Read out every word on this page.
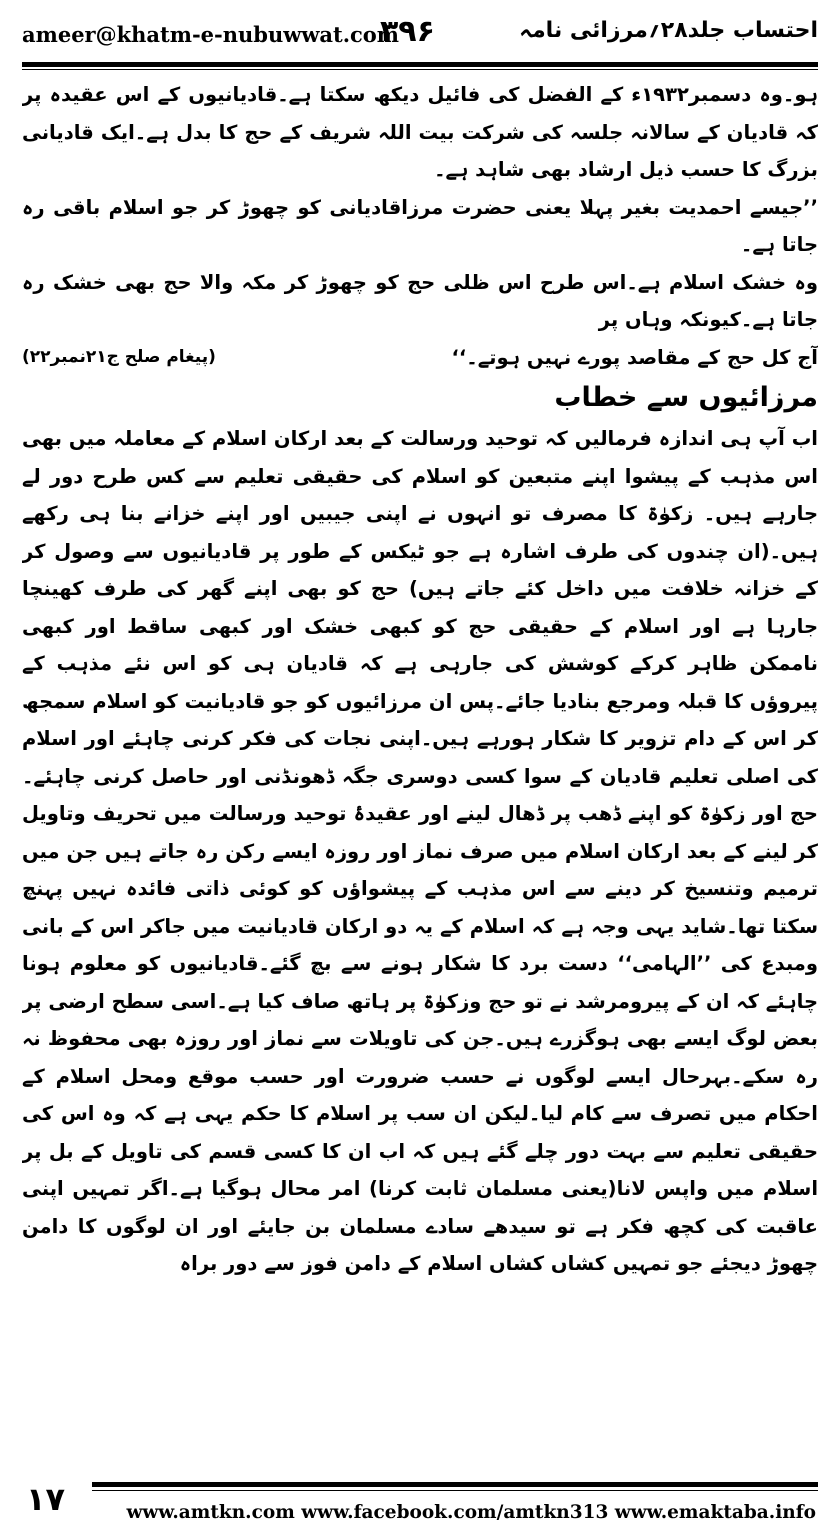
ameer@khatm-e-nubuwwat.com
۳۹۶	احتساب جلد۲۸؍مرزائی نامہ

ہو۔وہ دسمبر۱۹۳۲ء کے الفضل کی فائیل دیکھ سکتا ہے۔قادیانیوں کے اس عقیدہ پر کہ قادیان کے سالانہ جلسہ کی شرکت بیت اللہ شریف کے حج کا بدل ہے۔ایک قادیانی بزرگ کا حسب ذیل ارشاد بھی شاہد ہے۔

’’جیسے احمدیت بغیر پہلا یعنی حضرت مرزاقادیانی کو چھوڑ کر جو اسلام باقی رہ جاتا ہے۔

وہ خشک اسلام ہے۔اس طرح اس ظلی حج کو چھوڑ کر مکہ والا حج بھی خشک رہ جاتا ہے۔کیونکہ وہاں پر

(پیغام صلح ج۲۱نمبر۲۲)	آج کل حج کے مقاصد پورے نہیں ہوتے۔‘‘

مرزائیوں سے خطاب

اب آپ ہی اندازہ فرمالیں کہ توحید ورسالت کے بعد ارکان اسلام کے معاملہ میں بھی اس مذہب کے پیشوا اپنے متبعین کو اسلام کی حقیقی تعلیم سے کس طرح دور لے جارہے ہیں۔ زکوٰۃ کا مصرف تو انہوں نے اپنی جیبیں اور اپنے خزانے بنا ہی رکھے ہیں۔(ان چندوں کی طرف اشارہ ہے جو ٹیکس کے طور پر قادیانیوں سے وصول کر کے خزانہ خلافت میں داخل کئے جاتے ہیں) حج کو بھی اپنے گھر کی طرف کھینچا جارہا ہے اور اسلام کے حقیقی حج کو کبھی خشک اور کبھی ساقط اور کبھی ناممکن ظاہر کرکے کوشش کی جارہی ہے کہ قادیان ہی کو اس نئے مذہب کے پیروؤں کا قبلہ ومرجع بنادیا جائے۔پس ان مرزائیوں کو جو قادیانیت کو اسلام سمجھ کر اس کے دام تزویر کا شکار ہورہے ہیں۔اپنی نجات کی فکر کرنی چاہئے اور اسلام کی اصلی تعلیم قادیان کے سوا کسی دوسری جگہ ڈھونڈنی اور حاصل کرنی چاہئے۔حج اور زکوٰۃ کو اپنے ڈھب پر ڈھال لینے اور عقیدۂ توحید ورسالت میں تحریف وتاویل کر لینے کے بعد ارکان اسلام میں صرف نماز اور روزہ ایسے رکن رہ جاتے ہیں جن میں ترمیم وتنسیخ کر دینے سے اس مذہب کے پیشواؤں کو کوئی ذاتی فائدہ نہیں پہنچ سکتا تھا۔شاید یہی وجہ ہے کہ اسلام کے یہ دو ارکان قادیانیت میں جاکر اس کے بانی ومبدع کی ’’الہامی‘‘ دست برد کا شکار ہونے سے بچ گئے۔قادیانیوں کو معلوم ہونا چاہئے کہ ان کے پیرومرشد نے تو حج وزکوٰۃ پر ہاتھ صاف کیا ہے۔اسی سطح ارضی پر بعض لوگ ایسے بھی ہوگزرے ہیں۔جن کی تاویلات سے نماز اور روزہ بھی محفوظ نہ رہ سکے۔بہرحال ایسے لوگوں نے حسب ضرورت اور حسب موقع ومحل اسلام کے احکام میں تصرف سے کام لیا۔لیکن ان سب پر اسلام کا حکم یہی ہے کہ وہ اس کی حقیقی تعلیم سے بہت دور چلے گئے ہیں کہ اب ان کا کسی قسم کی تاویل کے بل پر اسلام میں واپس لانا(یعنی مسلمان ثابت کرنا) امر محال ہوگیا ہے۔اگر تمہیں اپنی عاقبت کی کچھ فکر ہے تو سیدھے سادے مسلمان بن جایئے اور ان لوگوں کا دامن چھوڑ دیجئے جو تمہیں کشاں کشاں اسلام کے دامن فوز سے دور براہ

۱۷	www.amtkn.com www.facebook.com/amtkn313 www.emaktaba.info
